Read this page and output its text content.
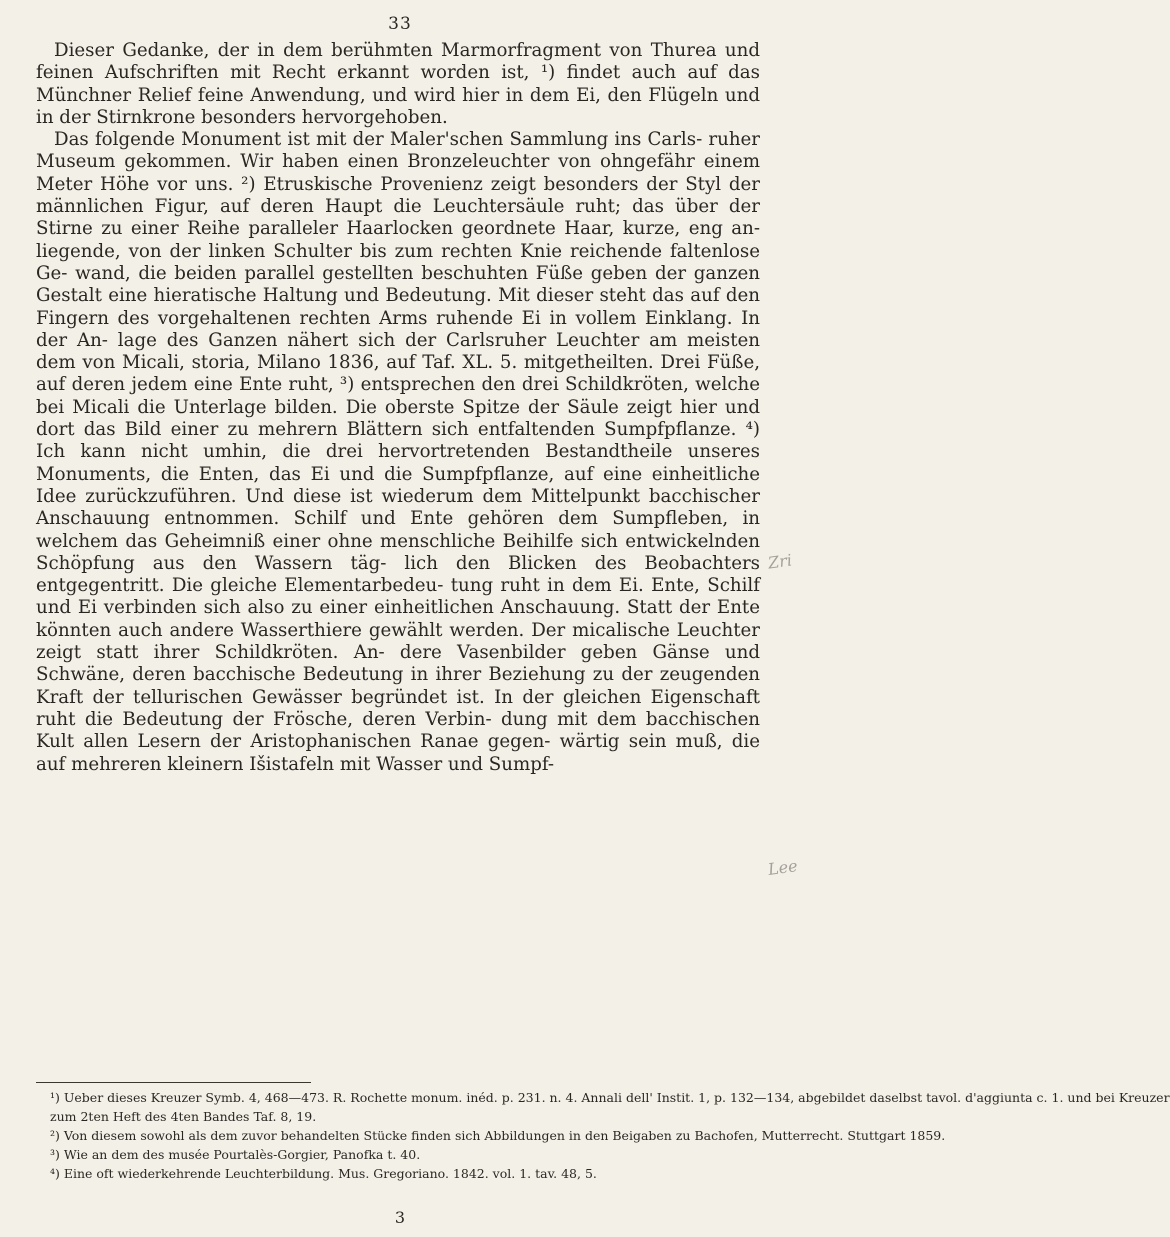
33

Dieser Gedanke, der in dem berühmten Marmorfragment von Thurea und feinen Aufschriften mit Recht erkannt worden ist, ¹) findet auch auf das Münchner Relief feine Anwendung, und wird hier in dem Ei, den Flügeln und in der Stirnkrone besonders hervorgehoben.

Das folgende Monument ist mit der Maler'schen Sammlung ins Carls- ruher Museum gekommen. Wir haben einen Bronzeleuchter von ohngefähr einem Meter Höhe vor uns. ²) Etruskische Provenienz zeigt besonders der Styl der männlichen Figur, auf deren Haupt die Leuchtersäule ruht; das über der Stirne zu einer Reihe paralleler Haarlocken geordnete Haar, kurze, eng an- liegende, von der linken Schulter bis zum rechten Knie reichende faltenlose Ge- wand, die beiden parallel gestellten beschuhten Füße geben der ganzen Gestalt eine hieratische Haltung und Bedeutung. Mit dieser steht das auf den Fingern des vorgehaltenen rechten Arms ruhende Ei in vollem Einklang. In der An- lage des Ganzen nähert sich der Carlsruher Leuchter am meisten dem von Micali, storia, Milano 1836, auf Taf. XL. 5. mitgetheilten. Drei Füße, auf deren jedem eine Ente ruht, ³) entsprechen den drei Schildkröten, welche bei Micali die Unterlage bilden. Die oberste Spitze der Säule zeigt hier und dort das Bild einer zu mehrern Blättern sich entfaltenden Sumpfpflanze. ⁴) Ich kann nicht umhin, die drei hervortretenden Bestandtheile unseres Monuments, die Enten, das Ei und die Sumpfpflanze, auf eine einheitliche Idee zurückzuführen. Und diese ist wiederum dem Mittelpunkt bacchischer Anschauung entnommen. Schilf und Ente gehören dem Sumpfleben, in welchem das Geheimniß einer ohne menschliche Beihilfe sich entwickelnden Schöpfung aus den Wassern täg- lich den Blicken des Beobachters entgegentritt. Die gleiche Elementarbedeu- tung ruht in dem Ei. Ente, Schilf und Ei verbinden sich also zu einer einheitlichen Anschauung. Statt der Ente könnten auch andere Wasserthiere gewählt werden. Der micalische Leuchter zeigt statt ihrer Schildkröten. An- dere Vasenbilder geben Gänse und Schwäne, deren bacchische Bedeutung in ihrer Beziehung zu der zeugenden Kraft der tellurischen Gewässer begründet ist. In der gleichen Eigenschaft ruht die Bedeutung der Frösche, deren Verbin- dung mit dem bacchischen Kult allen Lesern der Aristophanischen Ranae gegen- wärtig sein muß, die auf mehreren kleinern Išistafeln mit Wasser und Sumpf-

¹) Ueber dieses Kreuzer Symb. 4, 468—473. R. Rochette monum. inéd. p. 231. n. 4. Annali dell' Instit. 1, p. 132—134, abgebildet daselbst tavol. d'aggiunta c. 1. und bei Kreuzer

zum 2ten Heft des 4ten Bandes Taf. 8, 19.

²) Von diesem sowohl als dem zuvor behandelten Stücke finden sich Abbildungen in den Beigaben zu Bachofen, Mutterrecht. Stuttgart 1859.

³) Wie an dem des musée Pourtalès-Gorgier, Panofka t. 40.

⁴) Eine oft wiederkehrende Leuchterbildung. Mus. Gregoriano. 1842. vol. 1. tav. 48, 5.

3
Zri
Lee
